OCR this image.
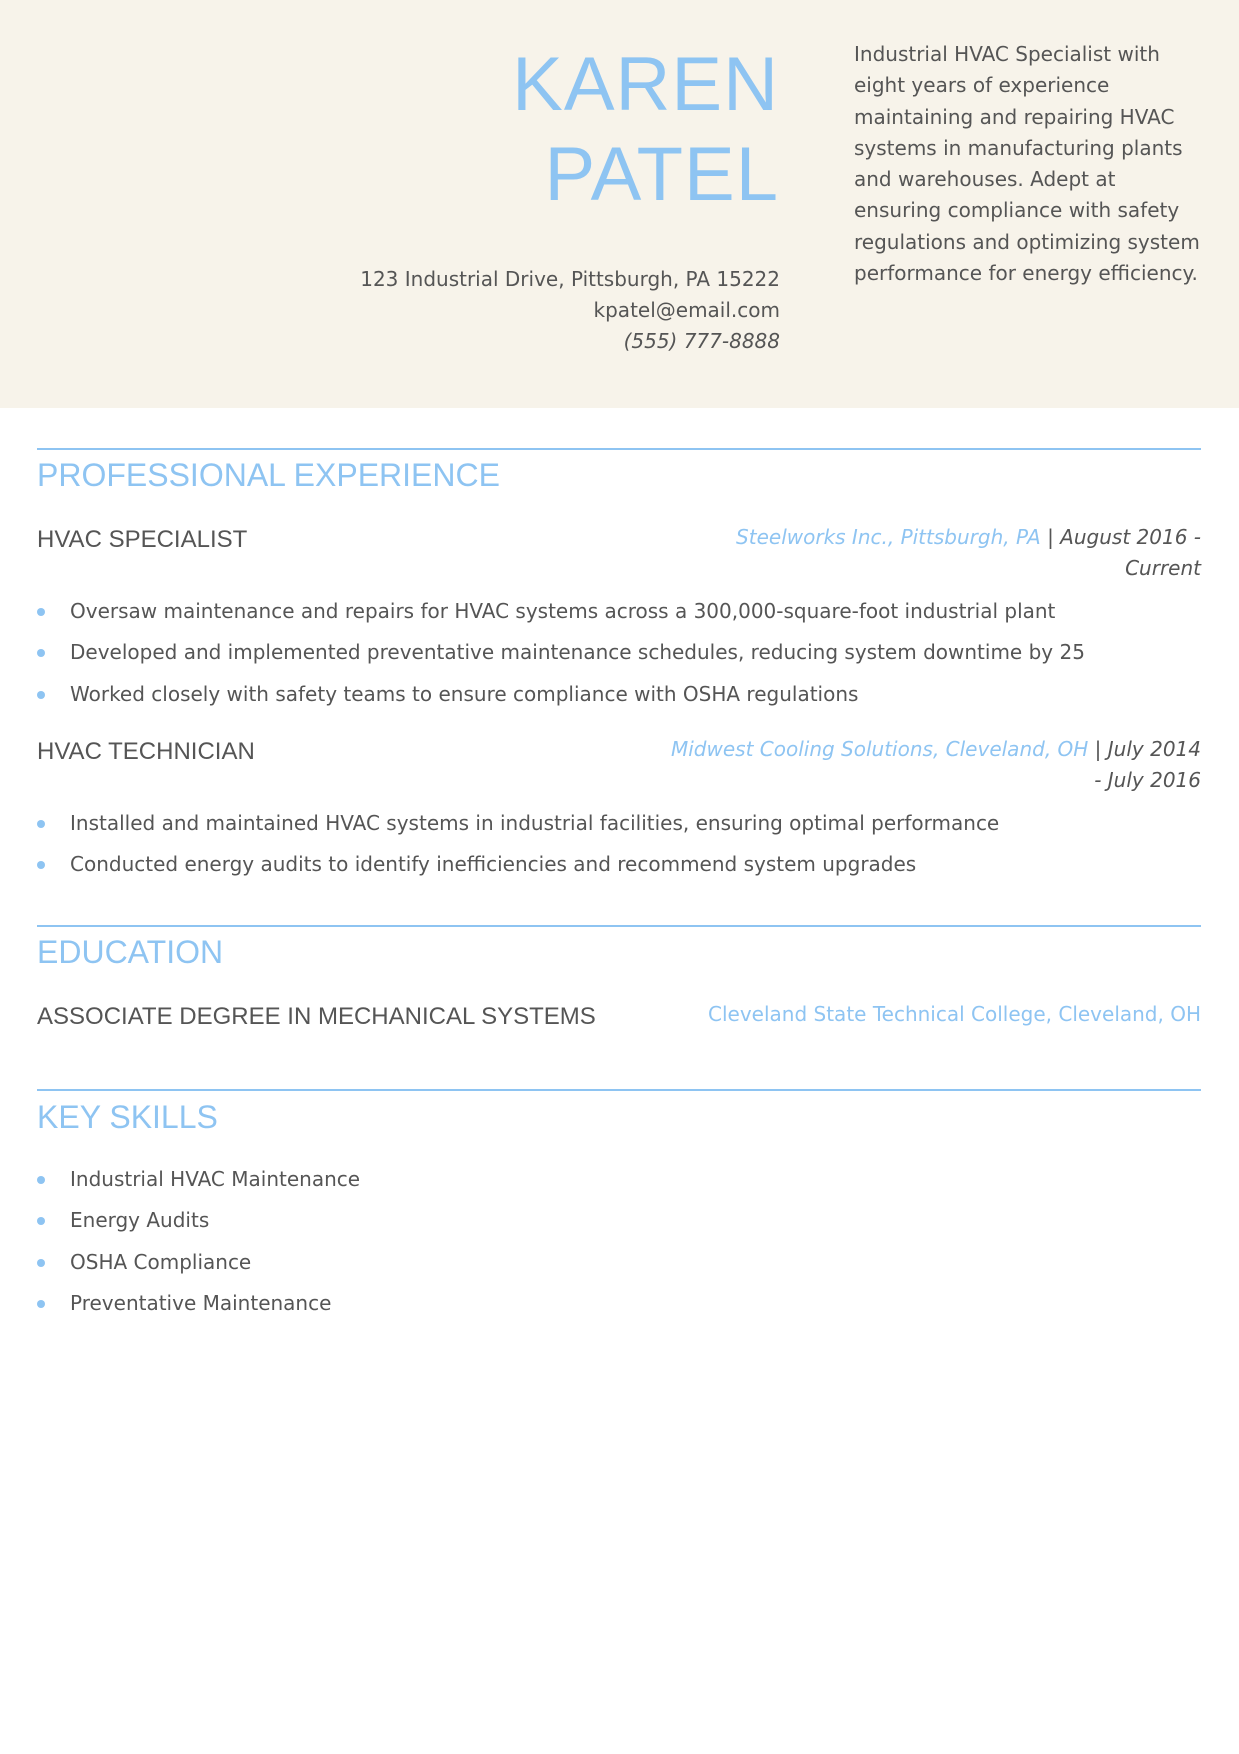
KAREN
PATEL
123 Industrial Drive, Pittsburgh, PA 15222
kpatel@email.com
(555) 777-8888
Industrial HVAC Specialist with eight years of experience maintaining and repairing HVAC systems in manufacturing plants and warehouses. Adept at ensuring compliance with safety regulations and optimizing system performance for energy efficiency.
PROFESSIONAL EXPERIENCE
HVAC SPECIALIST	Steelworks Inc., Pittsburgh, PA | August 2016 -
Current
Oversaw maintenance and repairs for HVAC systems across a 300,000-square-foot industrial plant
Developed and implemented preventative maintenance schedules, reducing system downtime by 25
Worked closely with safety teams to ensure compliance with OSHA regulations
HVAC TECHNICIAN	Midwest Cooling Solutions, Cleveland, OH | July 2014
- July 2016
Installed and maintained HVAC systems in industrial facilities, ensuring optimal performance
Conducted energy audits to identify inefficiencies and recommend system upgrades
EDUCATION
ASSOCIATE DEGREE IN MECHANICAL SYSTEMS	Cleveland State Technical College, Cleveland, OH
KEY SKILLS
Industrial HVAC Maintenance
Energy Audits
OSHA Compliance
Preventative Maintenance
